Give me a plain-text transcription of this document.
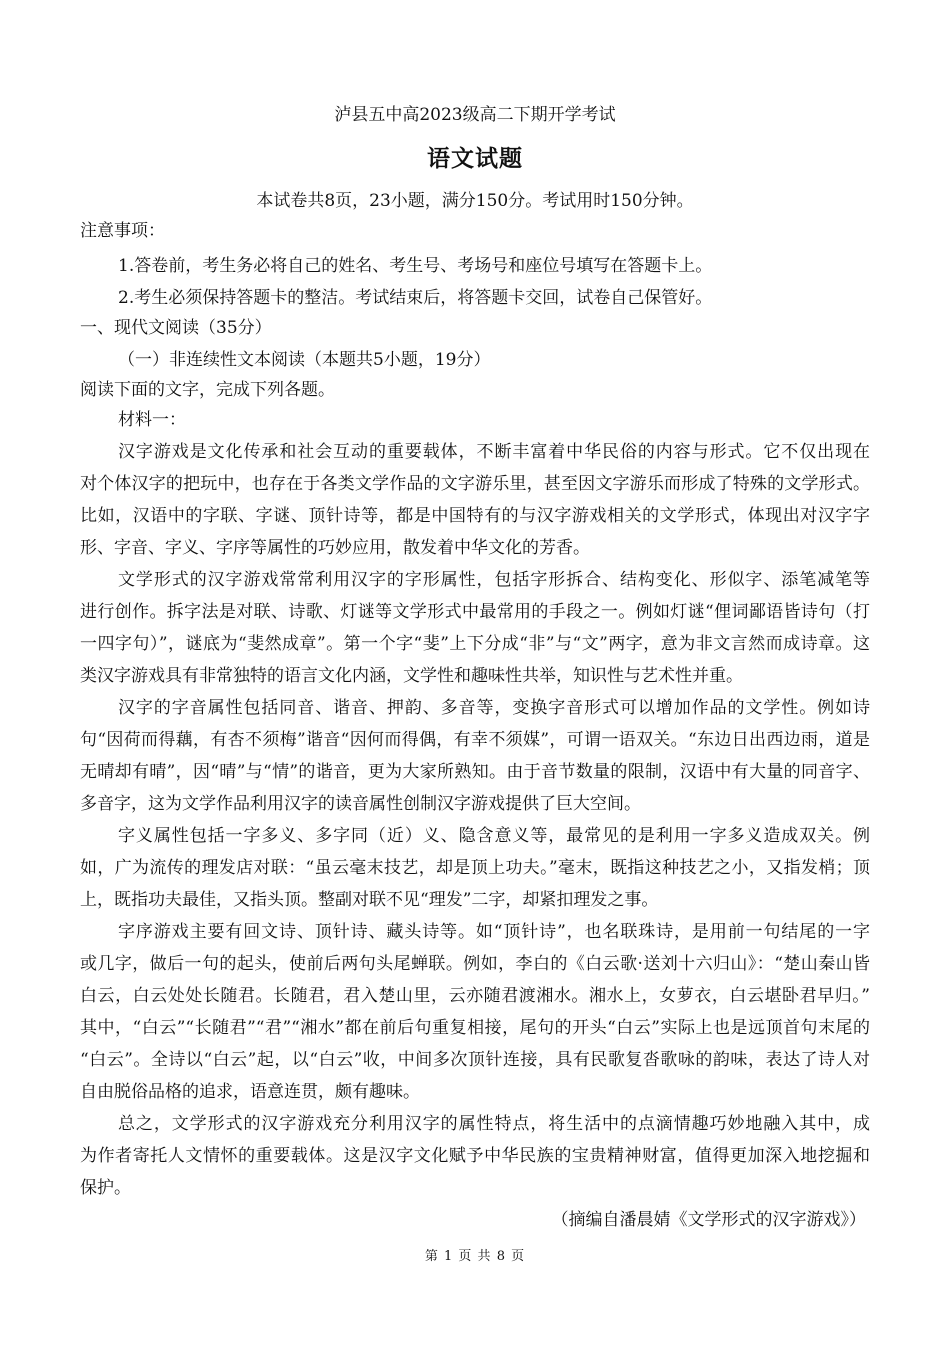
泸县五中高2023级高二下期开学考试
语文试题
本试卷共8页，23小题，满分150分。考试用时150分钟。
注意事项：
1.答卷前，考生务必将自己的姓名、考生号、考场号和座位号填写在答题卡上。
2.考生必须保持答题卡的整洁。考试结束后，将答题卡交回，试卷自己保管好。
一、现代文阅读（35分）
（一）非连续性文本阅读（本题共5小题，19分）
阅读下面的文字，完成下列各题。
材料一：
汉字游戏是文化传承和社会互动的重要载体，不断丰富着中华民俗的内容与形式。它不仅出现在
对个体汉字的把玩中，也存在于各类文学作品的文字游乐里，甚至因文字游乐而形成了特殊的文学形式。
比如，汉语中的字联、字谜、顶针诗等，都是中国特有的与汉字游戏相关的文学形式，体现出对汉字字
形、字音、字义、字序等属性的巧妙应用，散发着中华文化的芳香。
文学形式的汉字游戏常常利用汉字的字形属性，包括字形拆合、结构变化、形似字、添笔减笔等
进行创作。拆字法是对联、诗歌、灯谜等文学形式中最常用的手段之一。例如灯谜“俚词鄙语皆诗句（打
一四字句）”，谜底为“斐然成章”。第一个字“斐”上下分成“非”与“文”两字，意为非文言然而成诗章。这
类汉字游戏具有非常独特的语言文化内涵，文学性和趣味性共举，知识性与艺术性并重。
汉字的字音属性包括同音、谐音、押韵、多音等，变换字音形式可以增加作品的文学性。例如诗
句“因荷而得藕，有杏不须梅”谐音“因何而得偶，有幸不须媒”，可谓一语双关。“东边日出西边雨，道是
无晴却有晴”，因“晴”与“情”的谐音，更为大家所熟知。由于音节数量的限制，汉语中有大量的同音字、
多音字，这为文学作品利用汉字的读音属性创制汉字游戏提供了巨大空间。
字义属性包括一字多义、多字同（近）义、隐含意义等，最常见的是利用一字多义造成双关。例
如，广为流传的理发店对联：“虽云毫末技艺，却是顶上功夫。”毫末，既指这种技艺之小，又指发梢；顶
上，既指功夫最佳，又指头顶。整副对联不见“理发”二字，却紧扣理发之事。
字序游戏主要有回文诗、顶针诗、藏头诗等。如“顶针诗”，也名联珠诗，是用前一句结尾的一字
或几字，做后一句的起头，使前后两句头尾蝉联。例如，李白的《白云歌·送刘十六归山》：“楚山秦山皆
白云，白云处处长随君。长随君，君入楚山里，云亦随君渡湘水。湘水上，女萝衣，白云堪卧君早归。”
其中，“白云”“长随君”“君”“湘水”都在前后句重复相接，尾句的开头“白云”实际上也是远顶首句末尾的
“白云”。全诗以“白云”起，以“白云”收，中间多次顶针连接，具有民歌复沓歌咏的韵味，表达了诗人对
自由脱俗品格的追求，语意连贯，颇有趣味。
总之，文学形式的汉字游戏充分利用汉字的属性特点，将生活中的点滴情趣巧妙地融入其中，成
为作者寄托人文情怀的重要载体。这是汉字文化赋予中华民族的宝贵精神财富，值得更加深入地挖掘和
保护。
（摘编自潘晨婧《文学形式的汉字游戏》）
第 1 页 共 8 页
